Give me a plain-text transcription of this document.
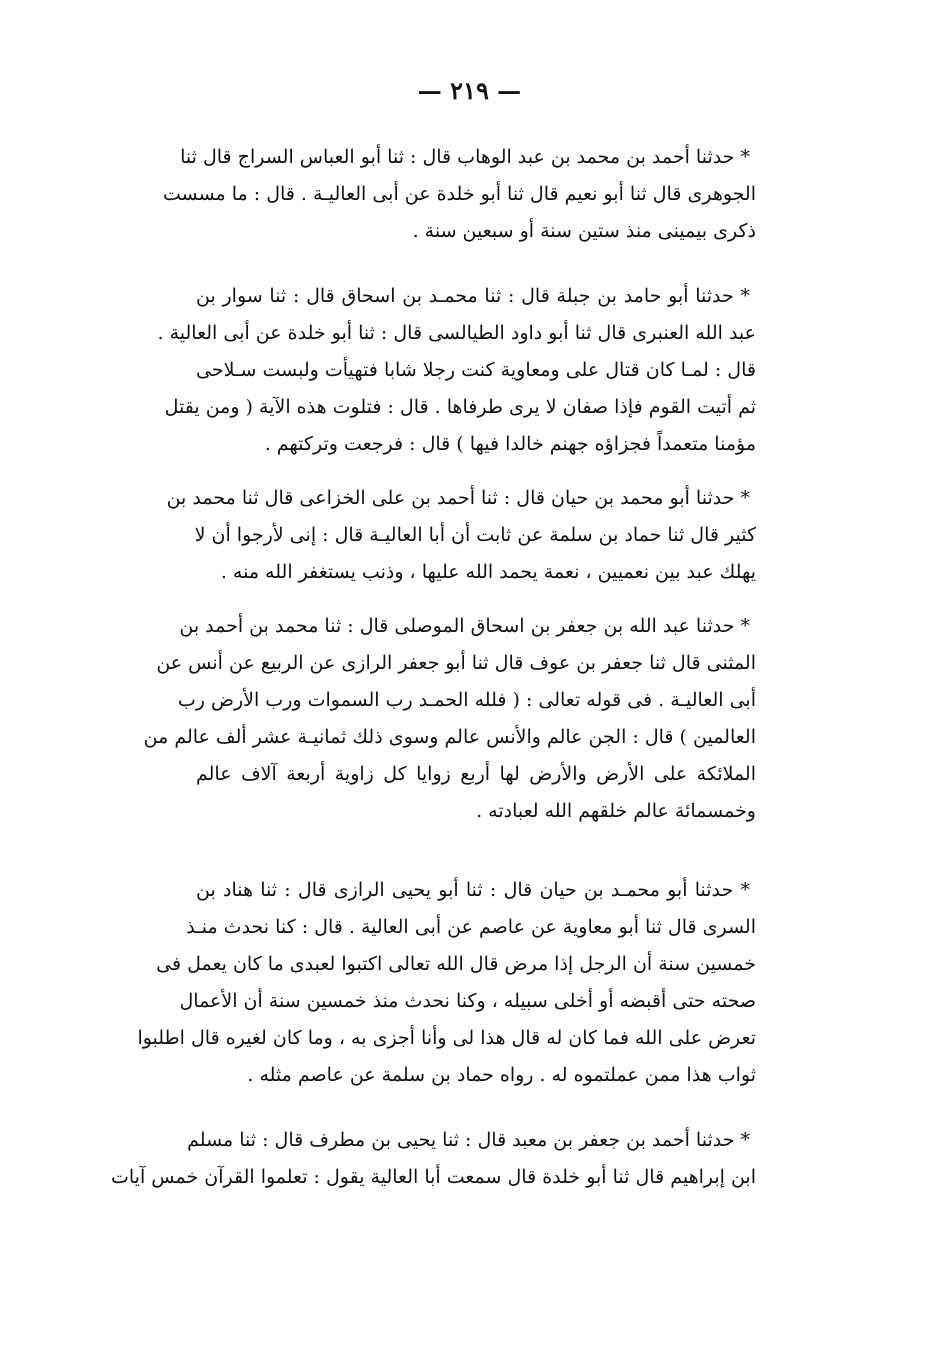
— ٢١٩ —
* حدثنا أحمد بن محمد بن عبد الوهاب قال : ثنا أبو العباس السراج قال ثنا
الجوهرى قال ثنا أبو نعيم قال ثنا أبو خلدة عن أبى العاليـة . قال : ما مسست
ذكرى بيمينى منذ ستين سنة أو سبعين سنة .
* حدثنا أبو حامد بن جبلة قال : ثنا محمـد بن اسحاق قال : ثنا سوار بن
عبد الله العنبرى قال ثنا أبو داود الطيالسى قال : ثنا أبو خلدة عن أبى العالية .
قال : لمـا كان قتال على ومعاوية كنت رجلا شابا فتهيأت ولبست سـلاحى
ثم أتيت القوم فإذا صفان لا يرى طرفاها . قال : فتلوت هذه الآية ( ومن يقتل
مؤمنا متعمداً فجزاؤه جهنم خالدا فيها ) قال : فرجعت وتركتهم .
* حدثنا أبو محمد بن حيان قال : ثنا أحمد بن على الخزاعى قال ثنا محمد بن
كثير قال ثنا حماد بن سلمة عن ثابت أن أبا العاليـة قال : إنى لأرجوا أن لا
يهلك عبد بين نعميين ، نعمة يحمد الله عليها ، وذنب يستغفر الله منه .
* حدثنا عبد الله بن جعفر بن اسحاق الموصلى قال : ثنا محمد بن أحمد بن
المثنى قال ثنا جعفر بن عوف قال ثنا أبو جعفر الرازى عن الربيع عن أنس عن
أبى العاليـة . فى قوله تعالى : ( فلله الحمـد رب السموات ورب الأرض رب
العالمين ) قال : الجن عالم والأنس عالم وسوى ذلك ثمانيـة عشر ألف عالم من
الملائكة على الأرض والأرض لها أربع زوايا كل زاوية أربعة آلاف عالم
وخمسمائة عالم خلقهم الله لعبادته .
* حدثنا أبو محمـد بن حيان قال : ثنا أبو يحيى الرازى قال : ثنا هناد بن
السرى قال ثنا أبو معاوية عن عاصم عن أبى العالية . قال : كنا نحدث منـذ
خمسين سنة أن الرجل إذا مرض قال الله تعالى اكتبوا لعبدى ما كان يعمل فى
صحته حتى أقبضه أو أخلى سبيله ، وكنا نحدث منذ خمسين سنة أن الأعمال
تعرض على الله فما كان له قال هذا لى وأنا أجزى به ، وما كان لغيره قال اطلبوا
ثواب هذا ممن عملتموه له . رواه حماد بن سلمة عن عاصم مثله .
* حدثنا أحمد بن جعفر بن معبد قال : ثنا يحيى بن مطرف قال : ثنا مسلم
ابن إبراهيم قال ثنا أبو خلدة قال سمعت أبا العالية يقول : تعلموا القرآن خمس آيات
